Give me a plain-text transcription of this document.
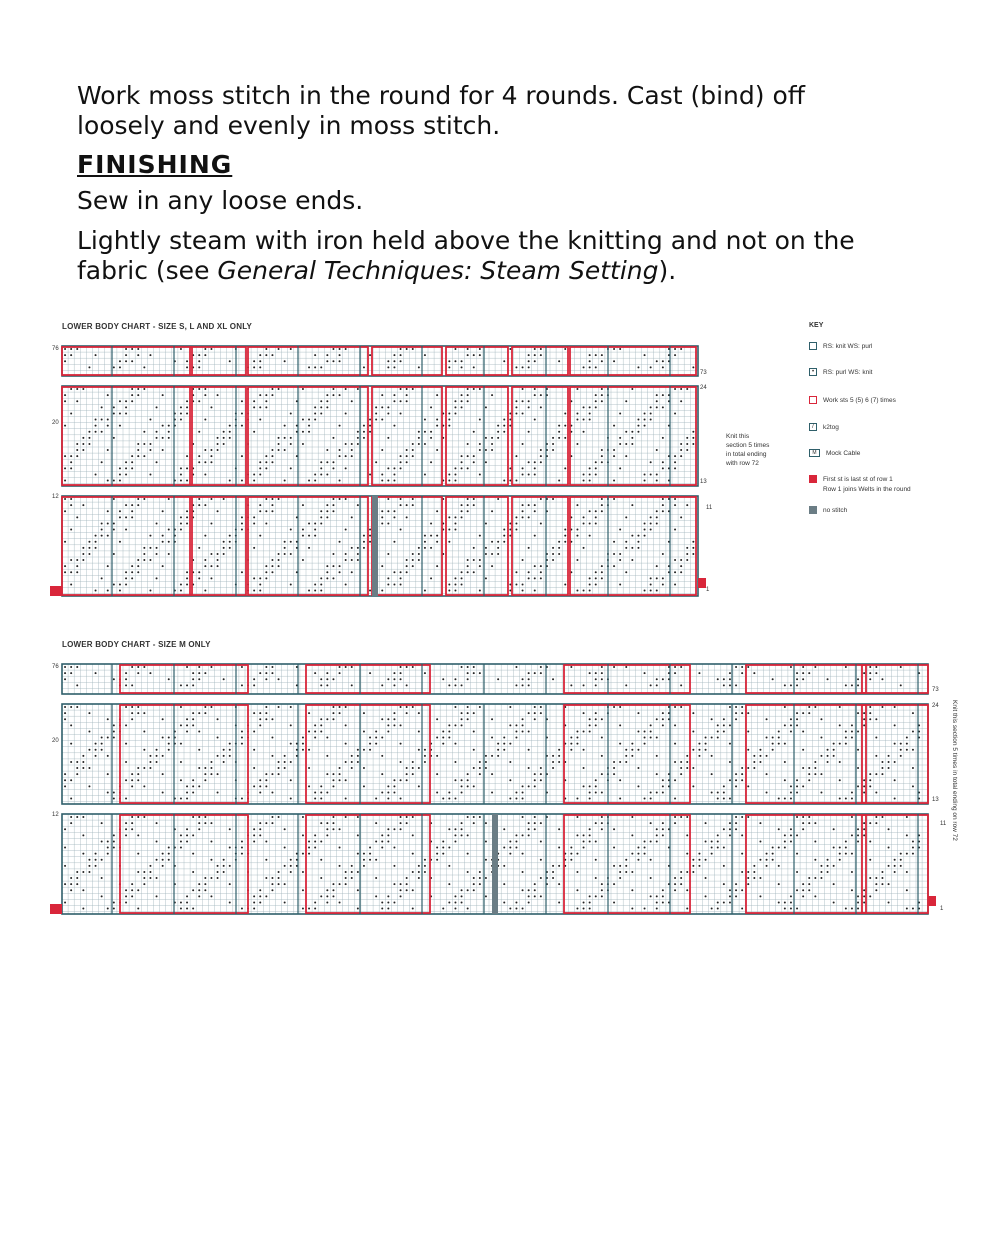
Work moss stitch in the round for 4 rounds. Cast (bind) off loosely and evenly in moss stitch.

FINISHING

Sew in any loose ends.

Lightly steam with iron held above the knitting and not on the fabric (see General Techniques: Steam Setting).

LOWER BODY CHART - SIZE S, L AND XL ONLY
76
20
12
73
24
13
11
1
Knit this
section 5 times
in total ending
with row 72
KEY
RS: knit WS: purl
•	RS: purl WS: knit
Work sts 5 (5) 6 (7) times
/	k2tog
M	Mock Cable
First st is last st of row 1
Row 1 joins Welts in the round
no stitch
LOWER BODY CHART - SIZE M ONLY
76
20
12
73
24
13
11
1
Knit this section 5 times in total ending on row 72
